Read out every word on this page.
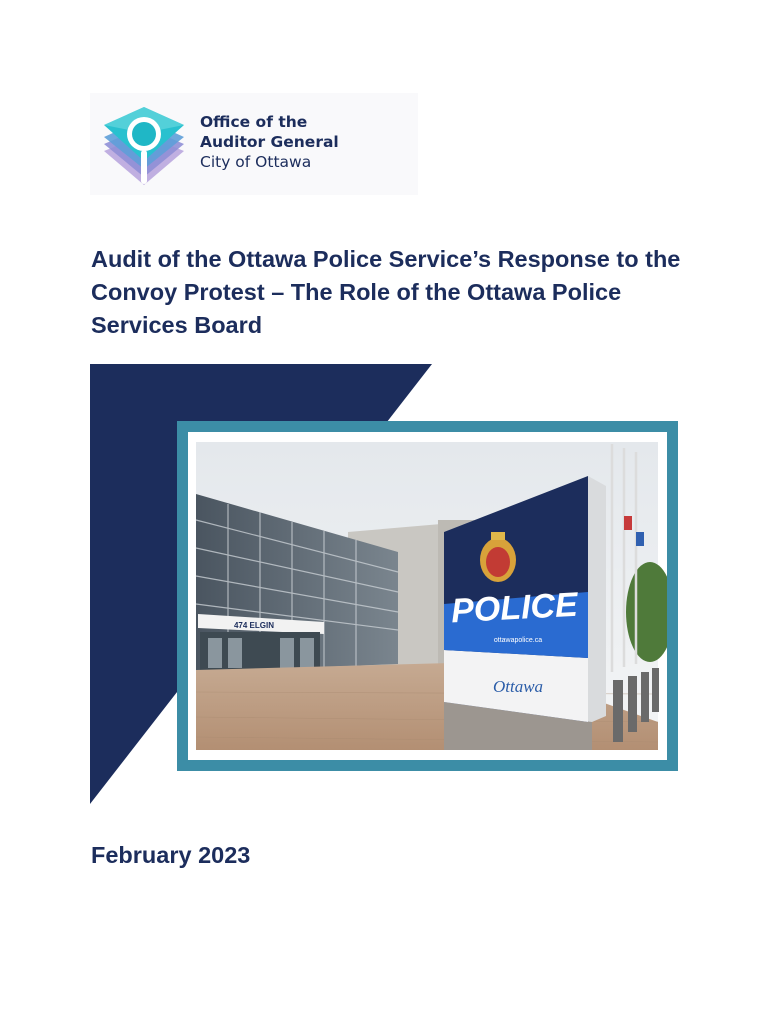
Office of the
Auditor General
City of Ottawa
Audit of the Ottawa Police Service’s Response to the Convoy Protest – The Role of the Ottawa Police Services Board
474 ELGIN	POLICE
ottawapolice.ca
Ottawa
February 2023
